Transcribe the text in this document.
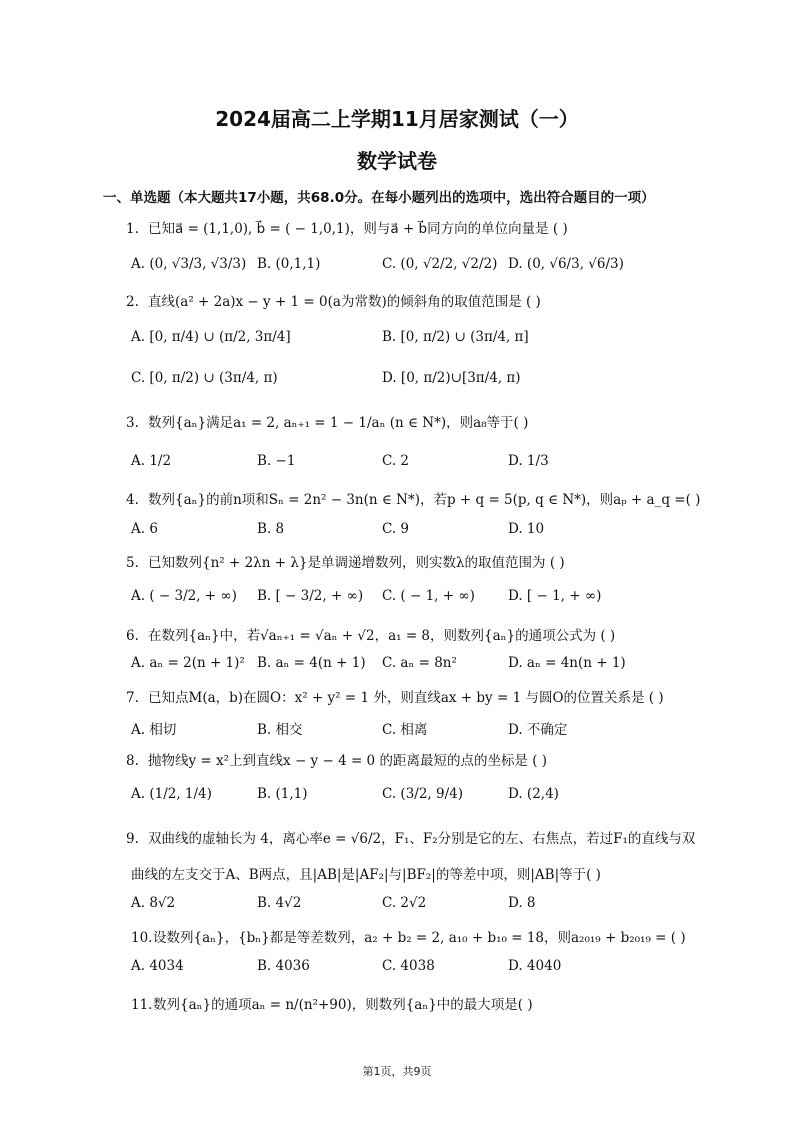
2024届高二上学期11月居家测试（一）
数学试卷
一、单选题（本大题共17小题，共68.0分。在每小题列出的选项中，选出符合题目的一项）
1. 已知a⃗ = (1,1,0), b⃗ = ( − 1,0,1)，则与a⃗ + b⃗同方向的单位向量是 ( )
A. (0, √3/3, √3/3) B. (0,1,1)	C. (0, √2/2, √2/2) D. (0, √6/3, √6/3)
2. 直线(a² + 2a)x − y + 1 = 0(a为常数)的倾斜角的取值范围是 ( )
A. [0, π/4) ∪ (π/2, 3π/4]	B. [0, π/2) ∪ (3π/4, π]
C. [0, π/2) ∪ (3π/4, π)	D. [0, π/2)∪[3π/4, π)
3. 数列{aₙ}满足a₁ = 2, aₙ₊₁ = 1 − 1/aₙ (n ∈ N*)，则a₈等于( )
A. 1/2	B. −1	C. 2	D. 1/3
4. 数列{aₙ}的前n项和Sₙ = 2n² − 3n(n ∈ N*)，若p + q = 5(p, q ∈ N*)，则aₚ + a_q =( )
A. 6	B. 8	C. 9	D. 10
5. 已知数列{n² + 2λn + λ}是单调递增数列，则实数λ的取值范围为 ( )
A. ( − 3/2, + ∞) B. [ − 3/2, + ∞) C. ( − 1, + ∞) D. [ − 1, + ∞)
6. 在数列{aₙ}中，若√aₙ₊₁ = √aₙ + √2，a₁ = 8，则数列{aₙ}的通项公式为 ( )
A. aₙ = 2(n + 1)² B. aₙ = 4(n + 1) C. aₙ = 8n²	D. aₙ = 4n(n + 1)
7. 已知点M(a，b)在圆O：x² + y² = 1 外，则直线ax + by = 1 与圆O的位置关系是 ( )
A. 相切	B. 相交	C. 相离	D. 不确定
8. 抛物线y = x²上到直线x − y − 4 = 0 的距离最短的点的坐标是 ( )
A. (1/2, 1/4)	B. (1,1)	C. (3/2, 9/4)	D. (2,4)
9. 双曲线的虚轴长为 4，离心率e = √6/2，F₁、F₂分别是它的左、右焦点，若过F₁的直线与双
曲线的左支交于A、B两点，且|AB|是|AF₂|与|BF₂|的等差中项，则|AB|等于( )
A. 8√2	B. 4√2	C. 2√2	D. 8
10.设数列{aₙ}，{bₙ}都是等差数列，a₂ + b₂ = 2, a₁₀ + b₁₀ = 18，则a₂₀₁₉ + b₂₀₁₉ = ( )
A. 4034	B. 4036	C. 4038	D. 4040
11.数列{aₙ}的通项aₙ = n/(n²+90)，则数列{aₙ}中的最大项是( )
第1页，共9页
